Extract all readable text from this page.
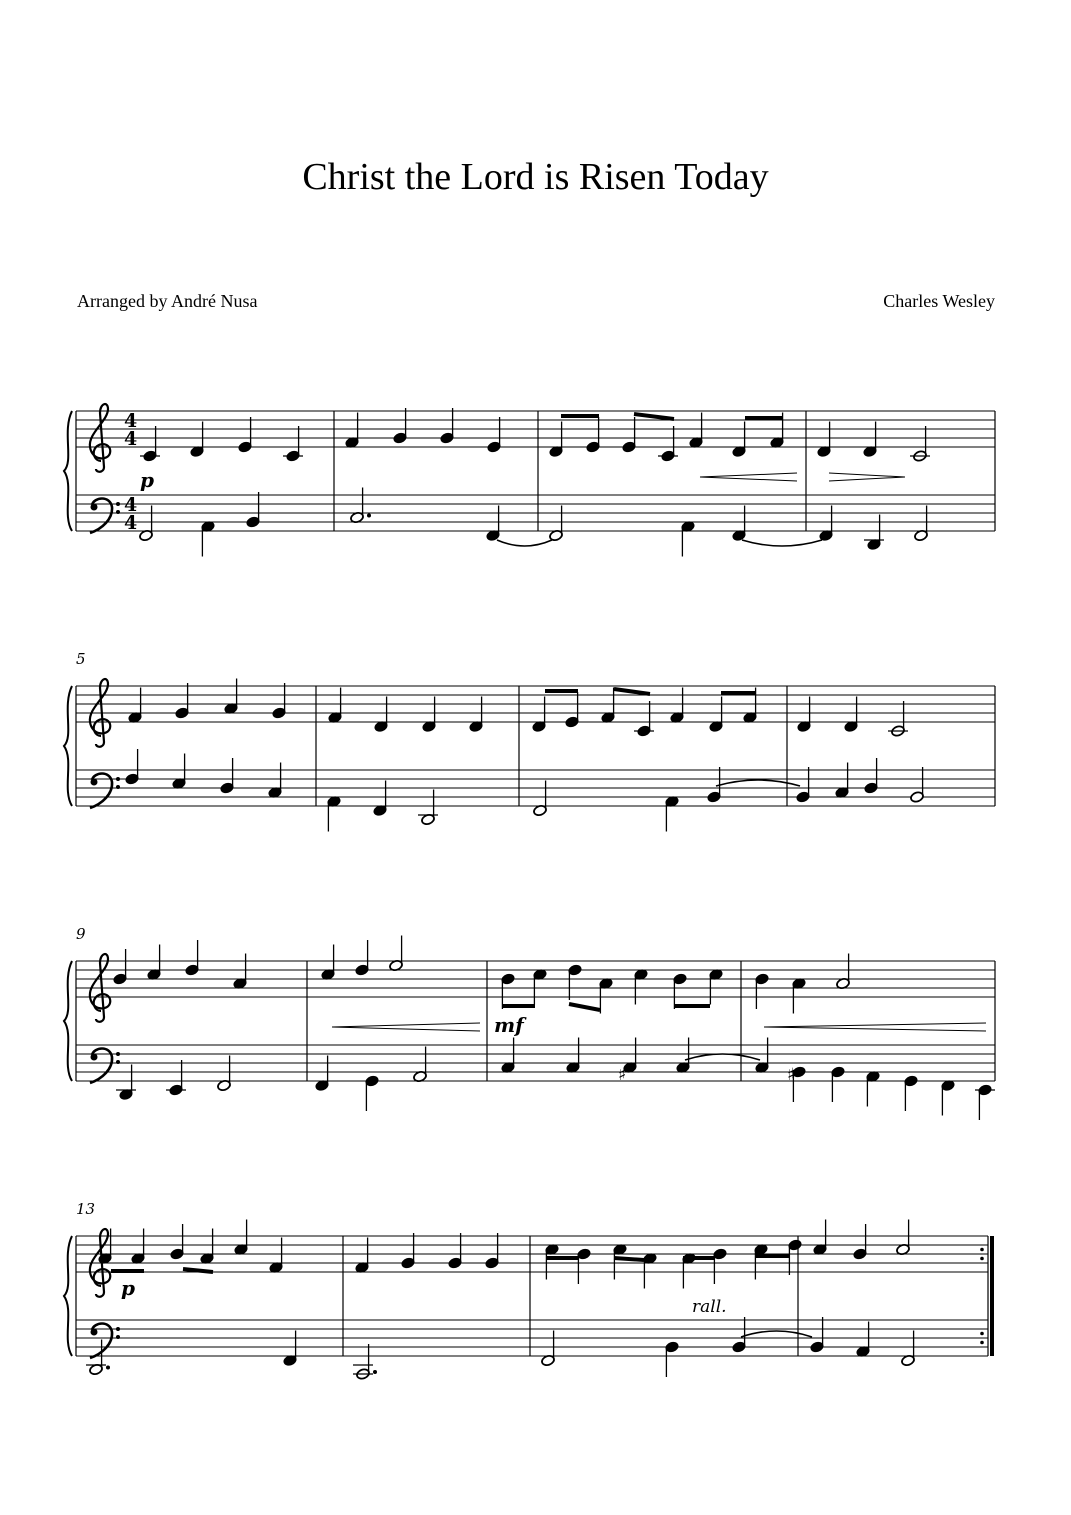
Christ the Lord is Risen Today
Arranged by André Nusa	Charles Wesley
4
4
4
4
5
9
13
p
mf
p
rall.
♯	♯
